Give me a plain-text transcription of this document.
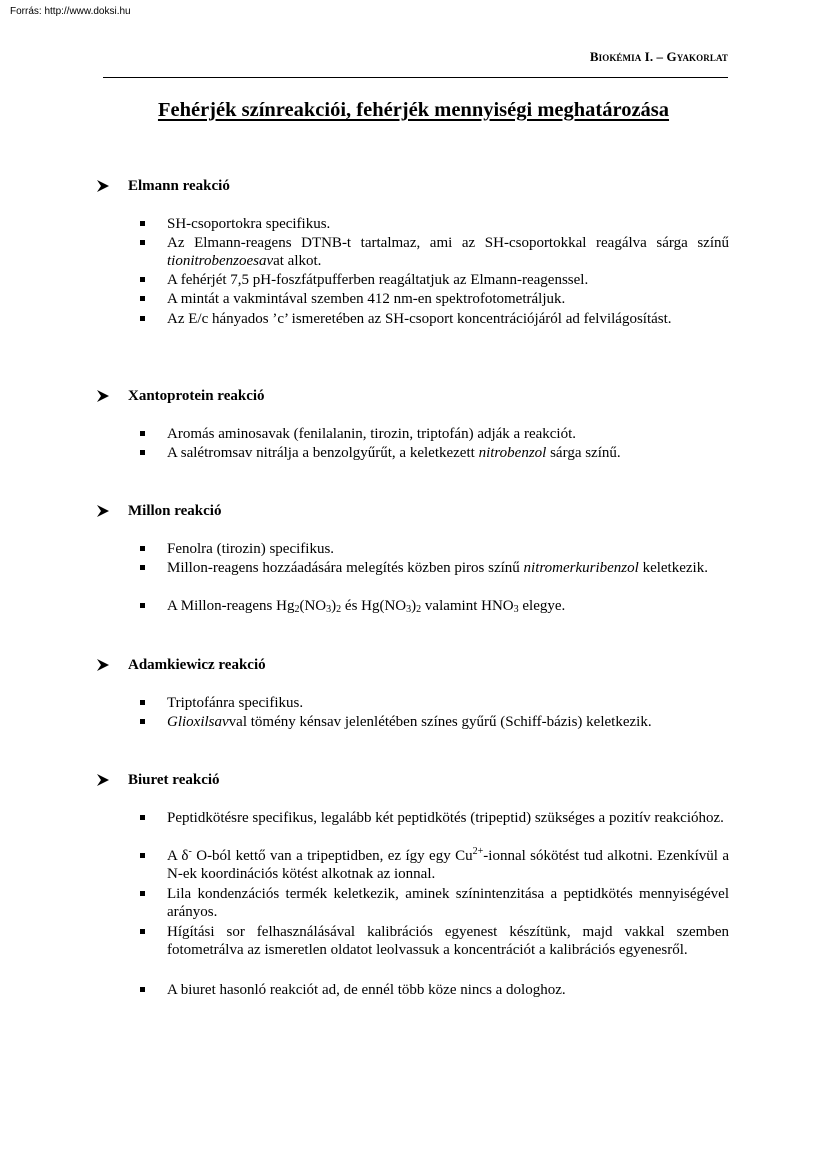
Forrás: http://www.doksi.hu
Biokémia I. – Gyakorlat
Fehérjék színreakciói, fehérjék mennyiségi meghatározása
Elmann reakció
SH-csoportokra specifikus.
Az Elmann-reagens DTNB-t tartalmaz, ami az SH-csoportokkal reagálva sárga színű tionitrobenzoesavat alkot.
A fehérjét 7,5 pH-foszfátpufferben reagáltatjuk az Elmann-reagenssel.
A mintát a vakmintával szemben 412 nm-en spektrofotometráljuk.
Az E/c hányados ’c’ ismeretében az SH-csoport koncentrációjáról ad felvilágosítást.
Xantoprotein reakció
Aromás aminosavak (fenilalanin, tirozin, triptofán) adják a reakciót.
A salétromsav nitrálja a benzolgyűrűt, a keletkezett nitrobenzol sárga színű.
Millon reakció
Fenolra (tirozin) specifikus.
Millon-reagens hozzáadására melegítés közben piros színű nitromerkuribenzol keletkezik.
A Millon-reagens $Hg_2(NO_3)_2$ és $Hg(NO_3)_2$ valamint $HNO_3$ elegye.
Adamkiewicz reakció
Triptofánra specifikus.
Glioxilsavval tömény kénsav jelenlétében színes gyűrű (Schiff-bázis) keletkezik.
Biuret reakció
Peptidkötésre specifikus, legalább két peptidkötés (tripeptid) szükséges a pozitív reakcióhoz.
A δ- O-ból kettő van a tripeptidben, ez így egy $Cu^{2+}$-ionnal sókötést tud alkotni. Ezenkívül a N-ek koordinációs kötést alkotnak az ionnal.
Lila kondenzációs termék keletkezik, aminek színintenzitása a peptidkötés mennyiségével arányos.
Hígítási sor felhasználásával kalibrációs egyenest készítünk, majd vakkal szemben fotometrálva az ismeretlen oldatot leolvassuk a koncentrációt a kalibrációs egyenesről.
A biuret hasonló reakciót ad, de ennél több köze nincs a dologhoz.
